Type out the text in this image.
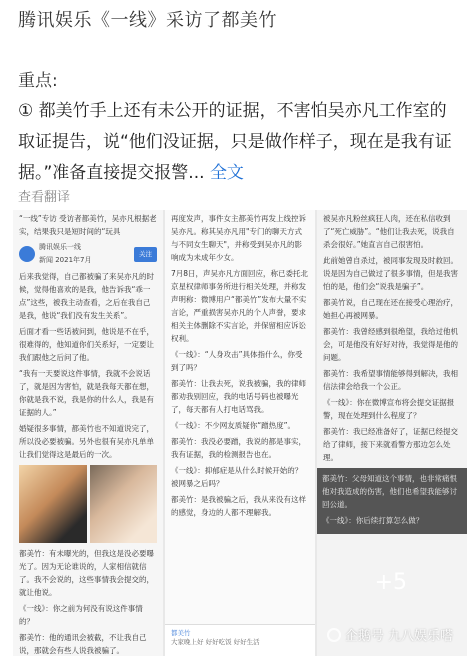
腾讯娱乐《一线》采访了都美竹
重点:
① 都美竹手上还有未公开的证据，不害怕吴亦凡工作室的取证提告，说“他们没证据，只是做作样子，现在是我有证据。”准备直接提交报警... 全文
查看翻译

“一线”专访 受访者都美竹，吴亦凡根据老实，结果我只是短时间的“玩具

腾讯娱乐一线
新闻 2021年7月
关注

后来我觉得，自己都被骗了来吴亦凡的时候，觉得他喜欢的是我，他告诉我“乖一点”这些，被我主动查看，之后在我自己是我，他说“我们没有发生关系”。

后面才看一些话被问到，他说是不在乎，很难得的，他知道你们关系好，一定要让我们跟他之后问了他。

“我有一天要说这件事情，我就不会说话了，就是因为害怕，就是我每天都在想，你就是我不说，我是你的什么人，我是有证据的人。”

婚疑很多事情，都美竹也不知道说完了，所以没必要被骗。另外也很有吴亦凡单单让我们觉得这是最后的一次。

都美竹：有未曝光的，但我这是没必要曝光了。因为无论谁说的，人家相信就信了。我不会说的，这些事情我会提交的，就让他说。

《一线》：你之前为何没有说这件事情的？

都美竹：他的通讯会被截，不让我自己说，那就会有些人说我被骗了。

再度发声，事件女主都美竹再发上线控诉吴亦凡。称其吴亦凡用"专门的聊天方式与不同女生聊天"，并称受到吴亦凡的影响成为未成年少女。

7月8日，声吴亦凡方面回应，称已委托北京星权律师事务所进行相关处理，并称发声明称：微博用户“都美竹”发布大量不实言论，严重损害吴亦凡的个人声誉，要求相关主体删除不实言论，并保留相应诉讼权利。

《一线》：“人身攻击”具体指什么，你受到了吗？

都美竹：让我去死，说我被骗，我的律师都劝我别回应，我的电话号码也被曝光了，每天都有人打电话骂我。

《一线》：不少网友质疑你“蹭热度”。

都美竹：我没必要蹭，我说的都是事实，我有证据，我的检测报告也在。

《一线》：抑郁症是从什么时候开始的？被网暴之后吗？

都美竹：是我被骗之后，我从来没有这样的感觉，身边的人都不理解我。

被吴亦凡粉丝疯狂人肉，还在私信收到了“死亡威胁”。“他们让我去死，说我自杀会很好。”她直言自己很害怕。

此前她曾自杀过，被同事发现及时救回。说是因为自己做过了很多事情，但是我害怕的是，他们会“说我是骗子”。

都美竹说，自己现在还在接受心理治疗，她担心再被网暴。

都美竹：我曾经感到很绝望，我给过他机会，可是他没有好好对待，我觉得是他的问题。

都美竹：我希望事情能够得到解决，我相信法律会给我一个公正。

《一线》：你在微博宣布将会提交证据报警，现在处理到什么程度了？

都美竹：我已经准备好了，证据已经提交给了律师，接下来就看警方那边怎么处理。

都美竹：父母知道这个事情，也非常痛恨他对我造成的伤害，他们也希望我能够讨回公道。

《一线》：你后续打算怎么做？

+5
都美竹
大家晚上好 好好吃饭 好好生活	企鹅号 九八娱乐嗒
